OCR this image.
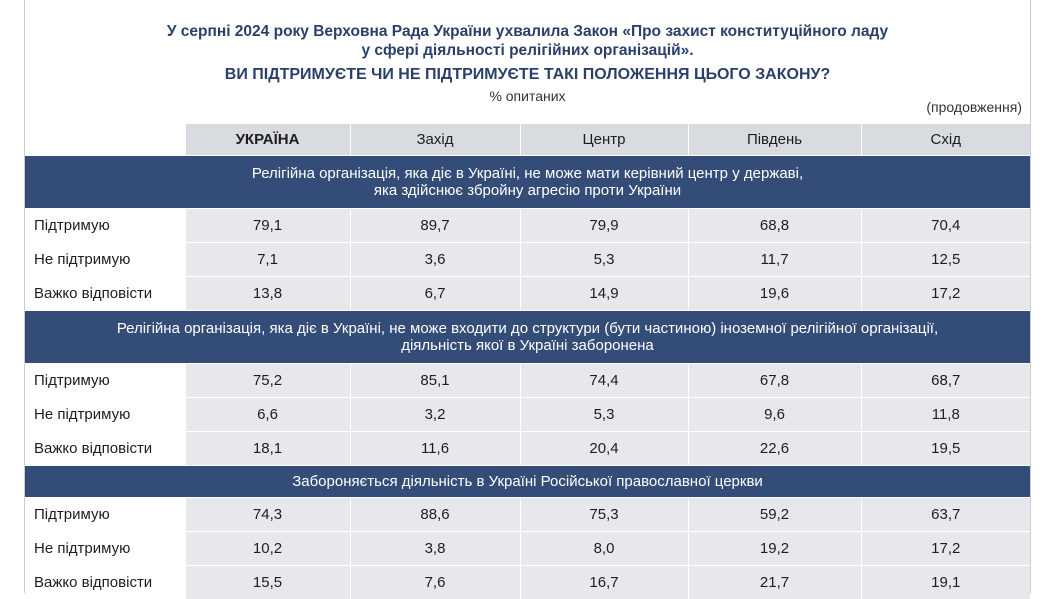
У серпні 2024 року Верховна Рада України ухвалила Закон «Про захист конституційного ладу
у сфері діяльності релігійних організацій».
ВИ ПІДТРИМУЄТЕ ЧИ НЕ ПІДТРИМУЄТЕ ТАКІ ПОЛОЖЕННЯ ЦЬОГО ЗАКОНУ?
% опитаних
(продовження)
	УКРАЇНА	Захід	Центр	Південь	Схід

Релігійна організація, яка діє в Україні, не може мати керівний центр у державі,
яка здійснює збройну агресію проти України					

Підтримую	79,1	89,7	79,9	68,8	70,4
Не підтримую	7,1	3,6	5,3	11,7	12,5
Важко відповісти	13,8	6,7	14,9	19,6	17,2

Релігійна організація, яка діє в Україні, не може входити до структури (бути частиною) іноземної релігійної організації,
діяльність якої в Україні заборонена					

Підтримую	75,2	85,1	74,4	67,8	68,7
Не підтримую	6,6	3,2	5,3	9,6	11,8
Важко відповісти	18,1	11,6	20,4	22,6	19,5
Забороняється діяльність в Україні Російської православної церкви					
Підтримую	74,3	88,6	75,3	59,2	63,7
Не підтримую	10,2	3,8	8,0	19,2	17,2
Важко відповісти	15,5	7,6	16,7	21,7	19,1
